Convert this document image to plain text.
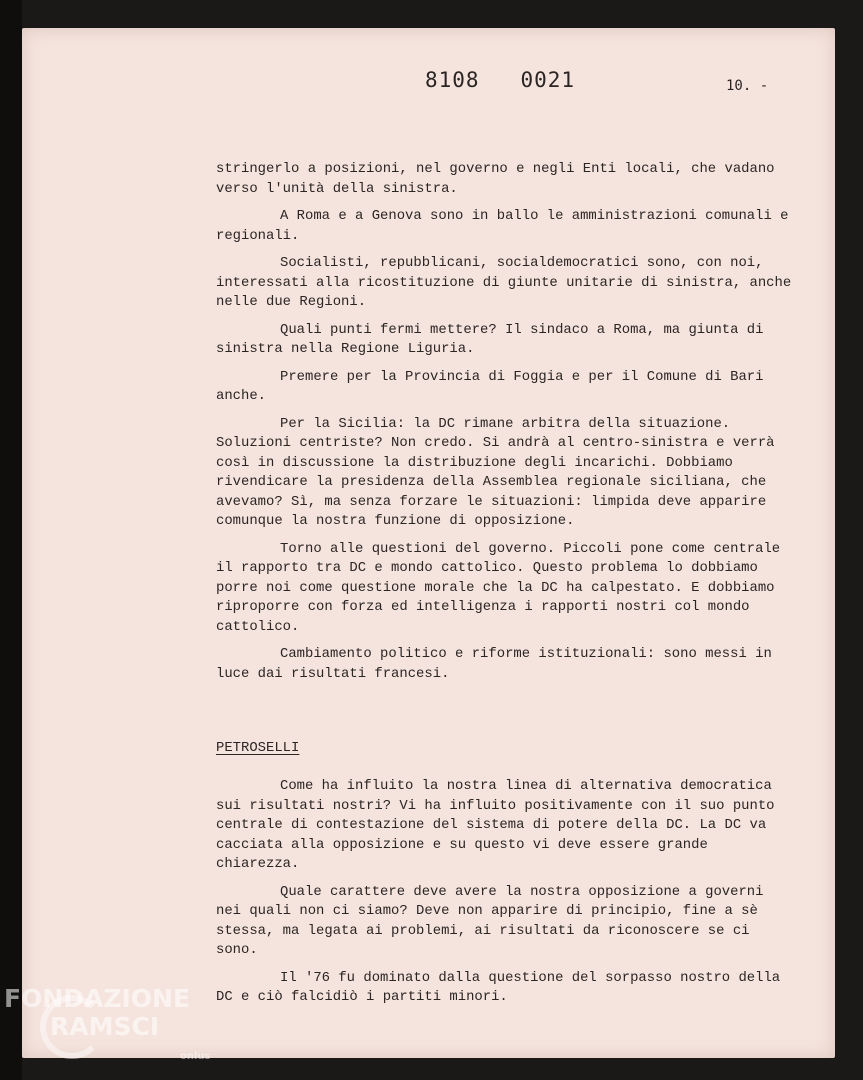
8108   0021	10. -

stringerlo a posizioni, nel governo e negli Enti locali, che vadano verso l'unità della sinistra.

A Roma e a Genova sono in ballo le amministrazioni comunali e regionali.

Socialisti, repubblicani, socialdemocratici sono, con noi, interessati alla ricostituzione di giunte unitarie di sinistra, anche nelle due Regioni.

Quali punti fermi mettere? Il sindaco a Roma, ma giunta di sinistra nella Regione Liguria.

Premere per la Provincia di Foggia e per il Comune di Bari anche.

Per la Sicilia: la DC rimane arbitra della situazione. Soluzioni centriste? Non credo. Si andrà al centro-sinistra e verrà così in discussione la distribuzione degli incarichi. Dobbiamo rivendicare la presidenza della Assemblea regionale siciliana, che avevamo? Sì, ma senza forzare le situazioni: limpida deve apparire comunque la nostra funzione di opposizione.

Torno alle questioni del governo. Piccoli pone come centrale il rapporto tra DC e mondo cattolico. Questo problema lo dobbiamo porre noi come questione morale che la DC ha calpestato. E dobbiamo riproporre con forza ed intelligenza i rapporti nostri col mondo cattolico.

Cambiamento politico e riforme istituzionali: sono messi in luce dai risultati francesi.

PETROSELLI

Come ha influito la nostra linea di alternativa democratica sui risultati nostri? Vi ha influito positivamente con il suo punto centrale di contestazione del sistema di potere della DC. La DC va cacciata alla opposizione e su questo vi deve essere grande chiarezza.

Quale carattere deve avere la nostra opposizione a governi nei quali non ci siamo? Deve non apparire di principio, fine a sè stessa, ma legata ai problemi, ai risultati da riconoscere se ci sono.

Il '76 fu dominato dalla questione del sorpasso nostro della DC e ciò falcidiò i partiti minori.

FONDAZIONE
RAMSCI
onlus
